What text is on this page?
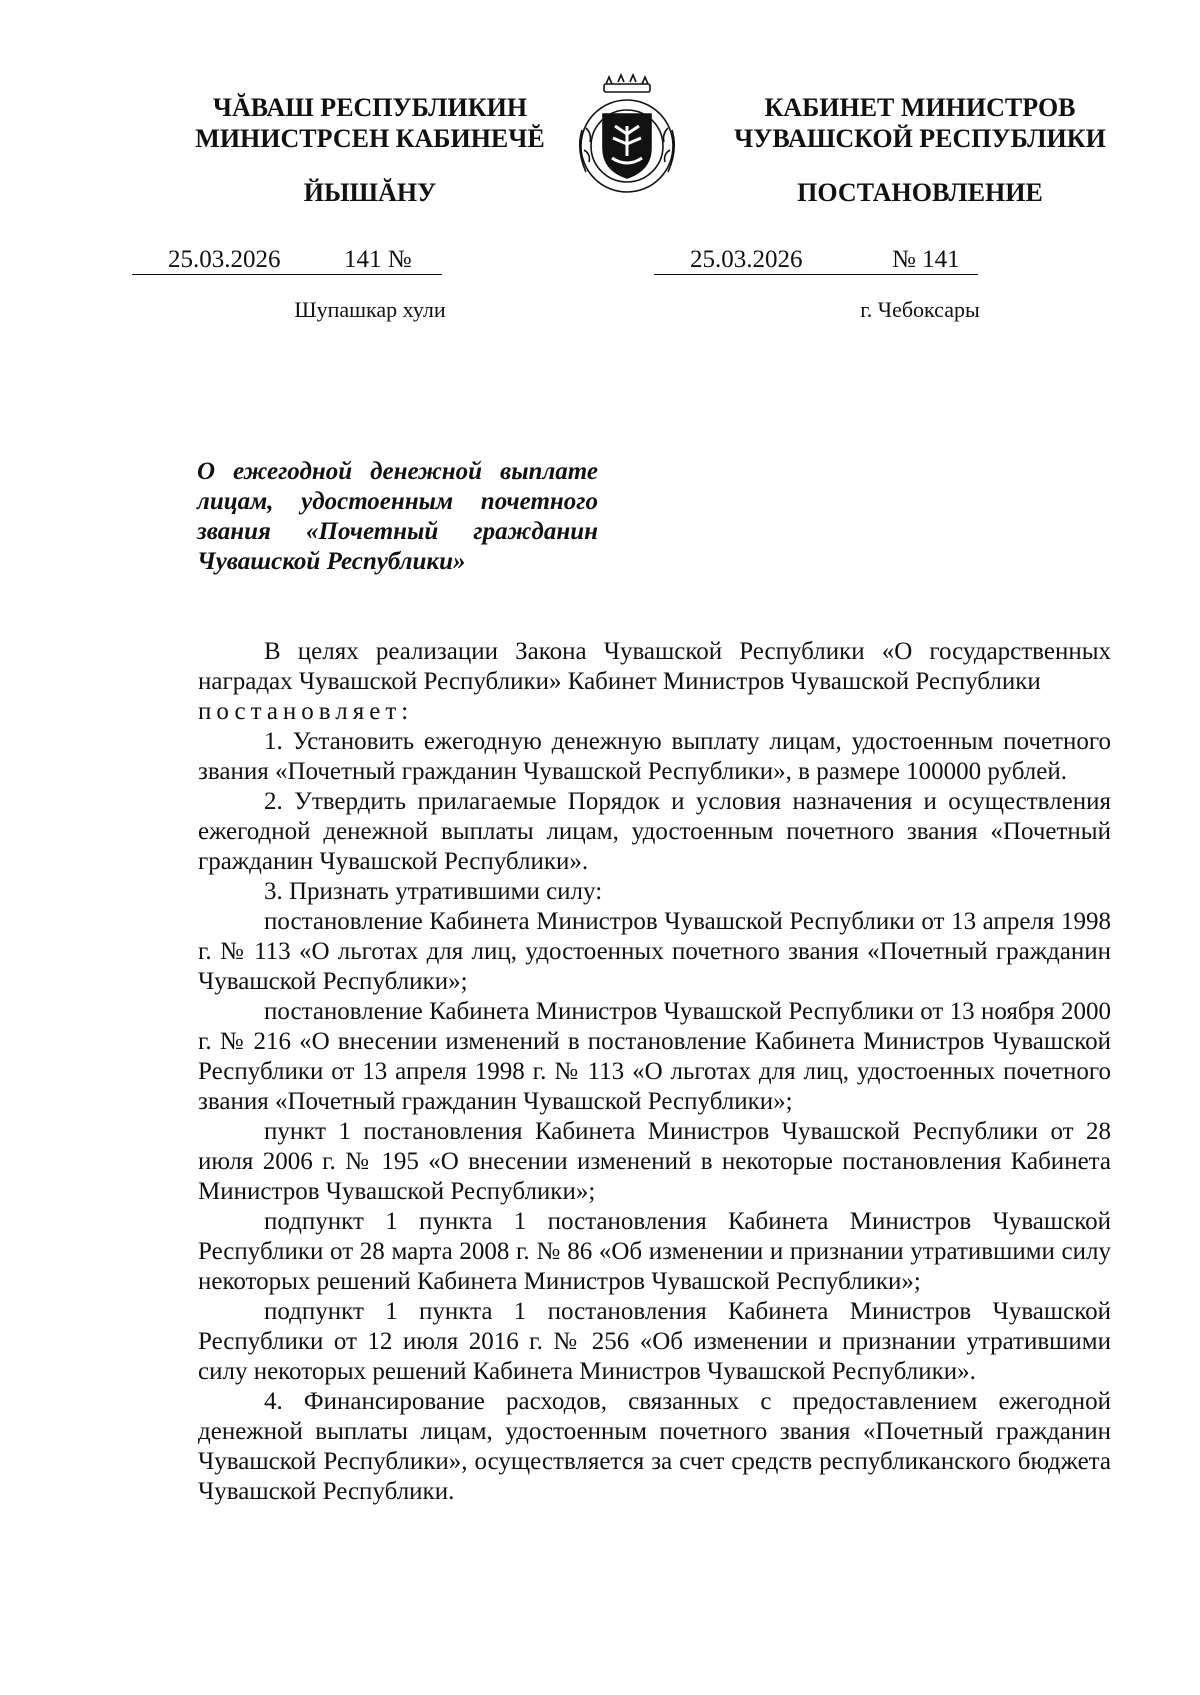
ЧĂВАШ РЕСПУБЛИКИН
МИНИСТРСЕН КАБИНЕЧĔ

ЙЫШĂНУ

КАБИНЕТ МИНИСТРОВ
ЧУВАШСКОЙ РЕСПУБЛИКИ

ПОСТАНОВЛЕНИЕ

25.03.2026	141 №	25.03.2026	№ 141

Шупашкар хули	г. Чебоксары

О ежегодной денежной выплате
лицам, удостоенным почетного
звания «Почетный гражданин
Чувашской Республики»

В целях реализации Закона Чувашской Республики «О государственных наградах Чувашской Республики» Кабинет Министров Чувашской Республики

постановляет:

1. Установить ежегодную денежную выплату лицам, удостоенным почетного звания «Почетный гражданин Чувашской Республики», в размере 100000 рублей.

2. Утвердить прилагаемые Порядок и условия назначения и осуществления ежегодной денежной выплаты лицам, удостоенным почетного звания «Почетный гражданин Чувашской Республики».

3. Признать утратившими силу:

постановление Кабинета Министров Чувашской Республики от 13 апреля 1998 г. № 113 «О льготах для лиц, удостоенных почетного звания «Почетный гражданин Чувашской Республики»;

постановление Кабинета Министров Чувашской Республики от 13 ноября 2000 г. № 216 «О внесении изменений в постановление Кабинета Министров Чувашской Республики от 13 апреля 1998 г. № 113 «О льготах для лиц, удостоенных почетного звания «Почетный гражданин Чувашской Республики»;

пункт 1 постановления Кабинета Министров Чувашской Республики от 28 июля 2006 г. № 195 «О внесении изменений в некоторые постановления Кабинета Министров Чувашской Республики»;

подпункт 1 пункта 1 постановления Кабинета Министров Чувашской Республики от 28 марта 2008 г. № 86 «Об изменении и признании утратившими силу некоторых решений Кабинета Министров Чувашской Республики»;

подпункт 1 пункта 1 постановления Кабинета Министров Чувашской Республики от 12 июля 2016 г. № 256 «Об изменении и признании утратившими силу некоторых решений Кабинета Министров Чувашской Республики».

4. Финансирование расходов, связанных с предоставлением ежегодной денежной выплаты лицам, удостоенным почетного звания «Почетный гражданин Чувашской Республики», осуществляется за счет средств республиканского бюджета Чувашской Республики.
